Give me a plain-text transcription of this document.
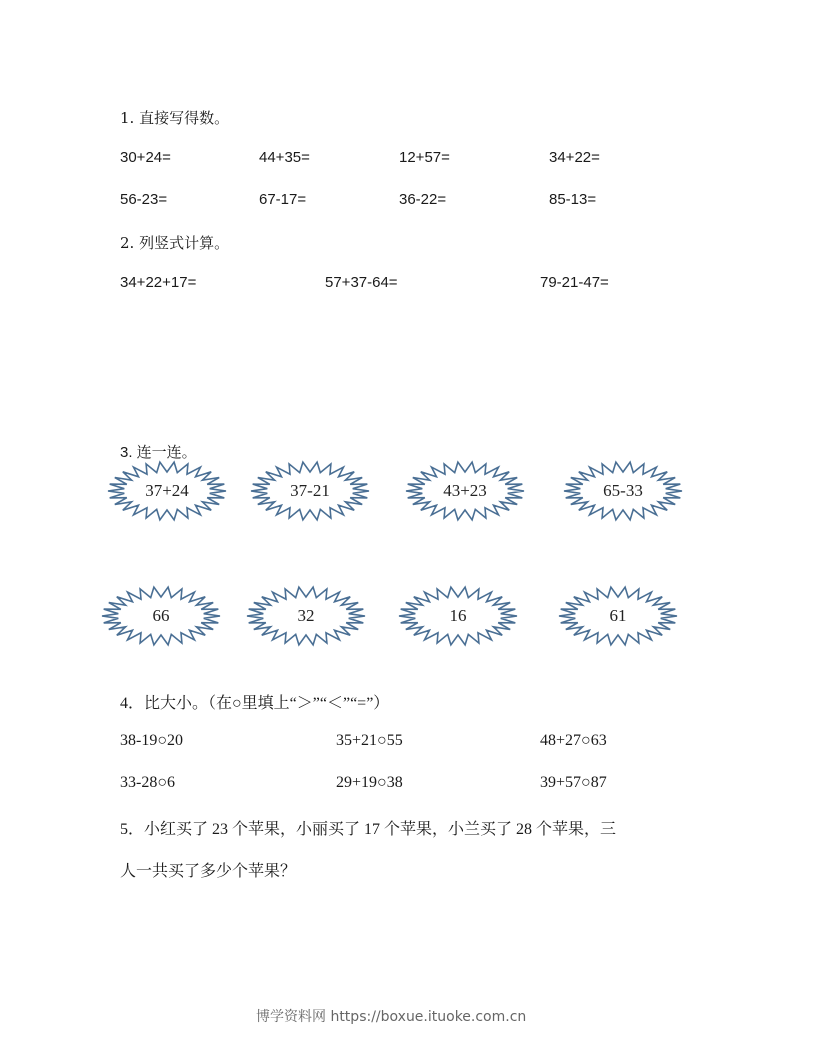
1. 直接写得数。
30+24=	44+35=	12+57=	34+22=
56-23=	67-17=	36-22=	85-13=
2. 列竖式计算。
34+22+17=	57+37-64=	79-21-47=
3. 连一连。
37+24	37-21	43+23	65-33
66	32	16	61
4．比大小。（在○里填上“＞”“＜”“=”）
38-19○20	35+21○55	48+27○63
33-28○6	29+19○38	39+57○87
5．小红买了 23 个苹果，小丽买了 17 个苹果，小兰买了 28 个苹果，三
人一共买了多少个苹果？
博学资料网 https://boxue.ituoke.com.cn
